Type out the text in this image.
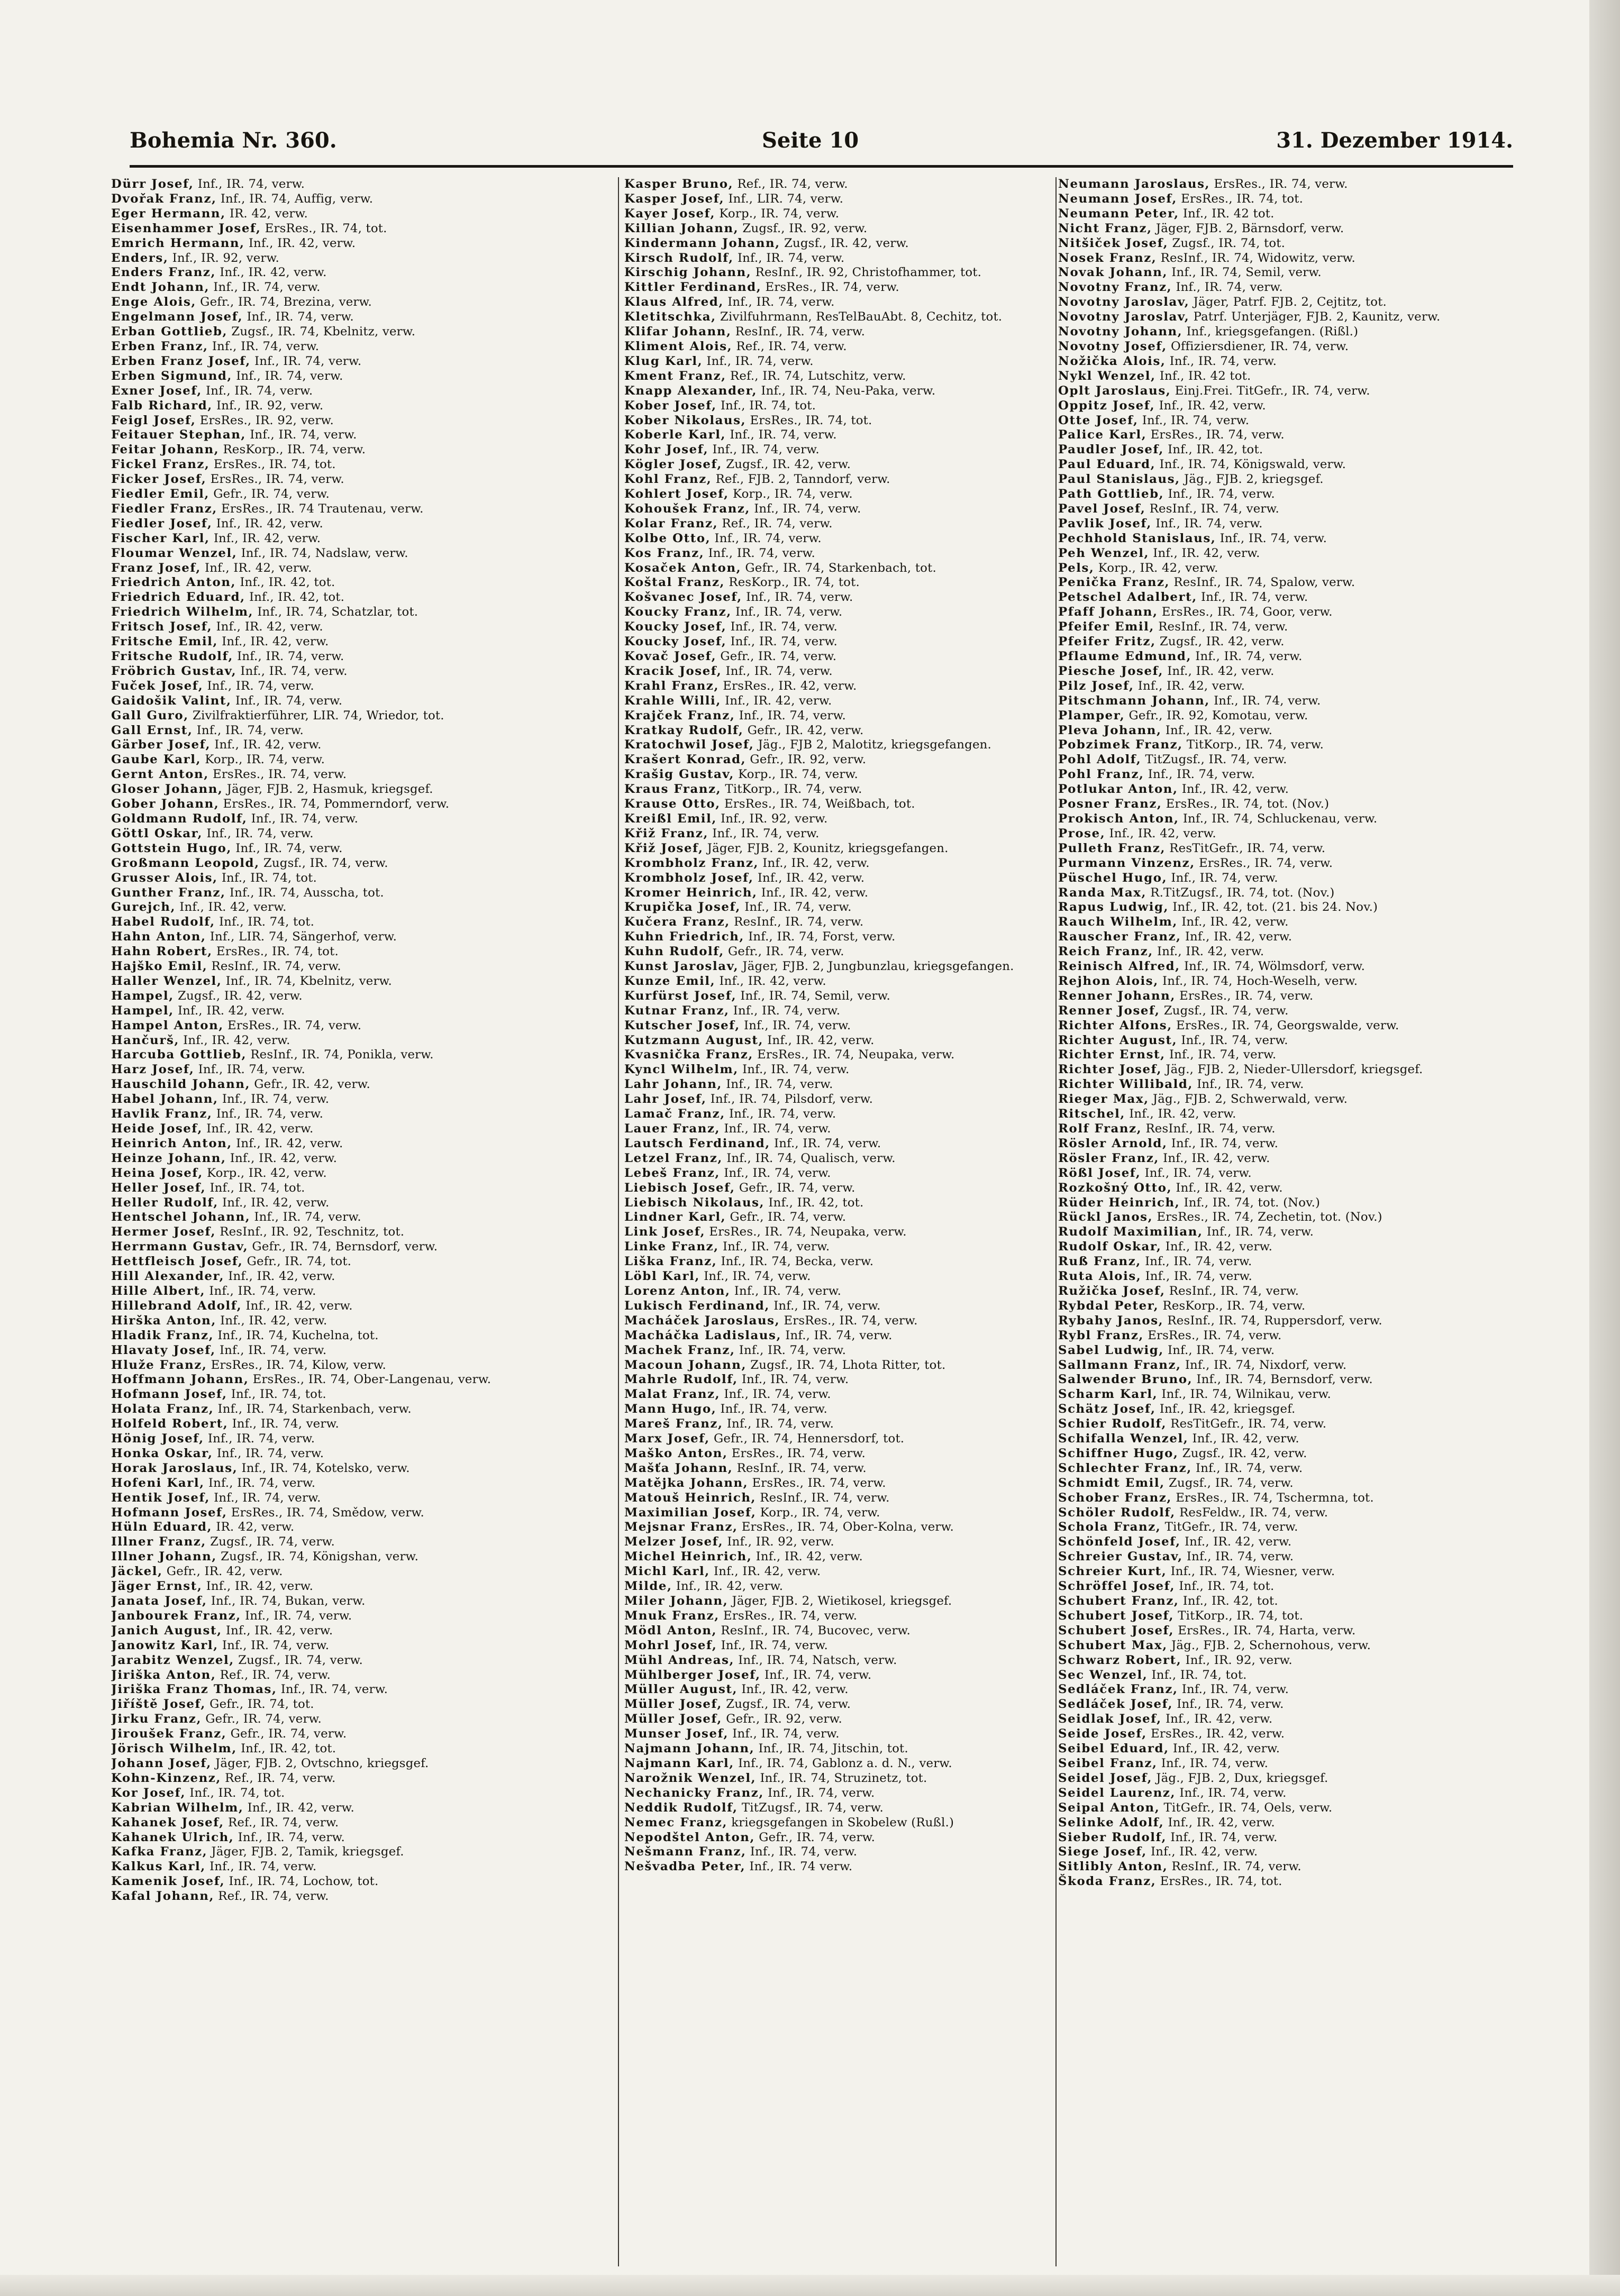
Bohemia Nr. 360.	Seite 10	31. Dezember 1914.

Dürr Josef, Inf., IR. 74, verw.

Dvořak Franz, Inf., IR. 74, Auffig, verw.

Eger Hermann, IR. 42, verw.

Eisenhammer Josef, ErsRes., IR. 74, tot.

Emrich Hermann, Inf., IR. 42, verw.

Enders, Inf., IR. 92, verw.

Enders Franz, Inf., IR. 42, verw.

Endt Johann, Inf., IR. 74, verw.

Enge Alois, Gefr., IR. 74, Brezina, verw.

Engelmann Josef, Inf., IR. 74, verw.

Erban Gottlieb, Zugsf., IR. 74, Kbelnitz, verw.

Erben Franz, Inf., IR. 74, verw.

Erben Franz Josef, Inf., IR. 74, verw.

Erben Sigmund, Inf., IR. 74, verw.

Exner Josef, Inf., IR. 74, verw.

Falb Richard, Inf., IR. 92, verw.

Feigl Josef, ErsRes., IR. 92, verw.

Feitauer Stephan, Inf., IR. 74, verw.

Feitar Johann, ResKorp., IR. 74, verw.

Fickel Franz, ErsRes., IR. 74, tot.

Ficker Josef, ErsRes., IR. 74, verw.

Fiedler Emil, Gefr., IR. 74, verw.

Fiedler Franz, ErsRes., IR. 74 Trautenau, verw.

Fiedler Josef, Inf., IR. 42, verw.

Fischer Karl, Inf., IR. 42, verw.

Floumar Wenzel, Inf., IR. 74, Nadslaw, verw.

Franz Josef, Inf., IR. 42, verw.

Friedrich Anton, Inf., IR. 42, tot.

Friedrich Eduard, Inf., IR. 42, tot.

Friedrich Wilhelm, Inf., IR. 74, Schatzlar, tot.

Fritsch Josef, Inf., IR. 42, verw.

Fritsche Emil, Inf., IR. 42, verw.

Fritsche Rudolf, Inf., IR. 74, verw.

Fröbrich Gustav, Inf., IR. 74, verw.

Fuček Josef, Inf., IR. 74, verw.

Gaidošik Valint, Inf., IR. 74, verw.

Gall Guro, Zivilfraktierführer, LIR. 74, Wriedor, tot.

Gall Ernst, Inf., IR. 74, verw.

Gärber Josef, Inf., IR. 42, verw.

Gaube Karl, Korp., IR. 74, verw.

Gernt Anton, ErsRes., IR. 74, verw.

Gloser Johann, Jäger, FJB. 2, Hasmuk, kriegsgef.

Gober Johann, ErsRes., IR. 74, Pommerndorf, verw.

Goldmann Rudolf, Inf., IR. 74, verw.

Göttl Oskar, Inf., IR. 74, verw.

Gottstein Hugo, Inf., IR. 74, verw.

Großmann Leopold, Zugsf., IR. 74, verw.

Grusser Alois, Inf., IR. 74, tot.

Gunther Franz, Inf., IR. 74, Ausscha, tot.

Gurejch, Inf., IR. 42, verw.

Habel Rudolf, Inf., IR. 74, tot.

Hahn Anton, Inf., LIR. 74, Sängerhof, verw.

Hahn Robert, ErsRes., IR. 74, tot.

Hajško Emil, ResInf., IR. 74, verw.

Haller Wenzel, Inf., IR. 74, Kbelnitz, verw.

Hampel, Zugsf., IR. 42, verw.

Hampel, Inf., IR. 42, verw.

Hampel Anton, ErsRes., IR. 74, verw.

Hančurš, Inf., IR. 42, verw.

Harcuba Gottlieb, ResInf., IR. 74, Ponikla, verw.

Harz Josef, Inf., IR. 74, verw.

Hauschild Johann, Gefr., IR. 42, verw.

Habel Johann, Inf., IR. 74, verw.

Havlik Franz, Inf., IR. 74, verw.

Heide Josef, Inf., IR. 42, verw.

Heinrich Anton, Inf., IR. 42, verw.

Heinze Johann, Inf., IR. 42, verw.

Heina Josef, Korp., IR. 42, verw.

Heller Josef, Inf., IR. 74, tot.

Heller Rudolf, Inf., IR. 42, verw.

Hentschel Johann, Inf., IR. 74, verw.

Hermer Josef, ResInf., IR. 92, Teschnitz, tot.

Herrmann Gustav, Gefr., IR. 74, Bernsdorf, verw.

Hettfleisch Josef, Gefr., IR. 74, tot.

Hill Alexander, Inf., IR. 42, verw.

Hille Albert, Inf., IR. 74, verw.

Hillebrand Adolf, Inf., IR. 42, verw.

Hirška Anton, Inf., IR. 42, verw.

Hladik Franz, Inf., IR. 74, Kuchelna, tot.

Hlavaty Josef, Inf., IR. 74, verw.

Hluže Franz, ErsRes., IR. 74, Kilow, verw.

Hoffmann Johann, ErsRes., IR. 74, Ober-Langenau, verw.

Hofmann Josef, Inf., IR. 74, tot.

Holata Franz, Inf., IR. 74, Starkenbach, verw.

Holfeld Robert, Inf., IR. 74, verw.

Hönig Josef, Inf., IR. 74, verw.

Honka Oskar, Inf., IR. 74, verw.

Horak Jaroslaus, Inf., IR. 74, Kotelsko, verw.

Hofeni Karl, Inf., IR. 74, verw.

Hentik Josef, Inf., IR. 74, verw.

Hofmann Josef, ErsRes., IR. 74, Smědow, verw.

Hüln Eduard, IR. 42, verw.

Illner Franz, Zugsf., IR. 74, verw.

Illner Johann, Zugsf., IR. 74, Königshan, verw.

Jäckel, Gefr., IR. 42, verw.

Jäger Ernst, Inf., IR. 42, verw.

Janata Josef, Inf., IR. 74, Bukan, verw.

Janbourek Franz, Inf., IR. 74, verw.

Janich August, Inf., IR. 42, verw.

Janowitz Karl, Inf., IR. 74, verw.

Jarabitz Wenzel, Zugsf., IR. 74, verw.

Jiriška Anton, Ref., IR. 74, verw.

Jiriška Franz Thomas, Inf., IR. 74, verw.

Jiříště Josef, Gefr., IR. 74, tot.

Jirku Franz, Gefr., IR. 74, verw.

Jiroušek Franz, Gefr., IR. 74, verw.

Jörisch Wilhelm, Inf., IR. 42, tot.

Johann Josef, Jäger, FJB. 2, Ovtschno, kriegsgef.

Kohn-Kinzenz, Ref., IR. 74, verw.

Kor Josef, Inf., IR. 74, tot.

Kabrian Wilhelm, Inf., IR. 42, verw.

Kahanek Josef, Ref., IR. 74, verw.

Kahanek Ulrich, Inf., IR. 74, verw.

Kafka Franz, Jäger, FJB. 2, Tamik, kriegsgef.

Kalkus Karl, Inf., IR. 74, verw.

Kamenik Josef, Inf., IR. 74, Lochow, tot.

Kafal Johann, Ref., IR. 74, verw.

Kasper Bruno, Ref., IR. 74, verw.

Kasper Josef, Inf., LIR. 74, verw.

Kayer Josef, Korp., IR. 74, verw.

Killian Johann, Zugsf., IR. 92, verw.

Kindermann Johann, Zugsf., IR. 42, verw.

Kirsch Rudolf, Inf., IR. 74, verw.

Kirschig Johann, ResInf., IR. 92, Christofhammer, tot.

Kittler Ferdinand, ErsRes., IR. 74, verw.

Klaus Alfred, Inf., IR. 74, verw.

Kletitschka, Zivilfuhrmann, ResTelBauAbt. 8, Cechitz, tot.

Klifar Johann, ResInf., IR. 74, verw.

Kliment Alois, Ref., IR. 74, verw.

Klug Karl, Inf., IR. 74, verw.

Kment Franz, Ref., IR. 74, Lutschitz, verw.

Knapp Alexander, Inf., IR. 74, Neu-Paka, verw.

Kober Josef, Inf., IR. 74, tot.

Kober Nikolaus, ErsRes., IR. 74, tot.

Koberle Karl, Inf., IR. 74, verw.

Kohr Josef, Inf., IR. 74, verw.

Kögler Josef, Zugsf., IR. 42, verw.

Kohl Franz, Ref., FJB. 2, Tanndorf, verw.

Kohlert Josef, Korp., IR. 74, verw.

Kohoušek Franz, Inf., IR. 74, verw.

Kolar Franz, Ref., IR. 74, verw.

Kolbe Otto, Inf., IR. 74, verw.

Kos Franz, Inf., IR. 74, verw.

Kosaček Anton, Gefr., IR. 74, Starkenbach, tot.

Koštal Franz, ResKorp., IR. 74, tot.

Košvanec Josef, Inf., IR. 74, verw.

Koucky Franz, Inf., IR. 74, verw.

Koucky Josef, Inf., IR. 74, verw.

Koucky Josef, Inf., IR. 74, verw.

Kovač Josef, Gefr., IR. 74, verw.

Kracik Josef, Inf., IR. 74, verw.

Krahl Franz, ErsRes., IR. 42, verw.

Krahle Willi, Inf., IR. 42, verw.

Krajček Franz, Inf., IR. 74, verw.

Kratkay Rudolf, Gefr., IR. 42, verw.

Kratochwil Josef, Jäg., FJB 2, Malotitz, kriegsgefangen.

Krašert Konrad, Gefr., IR. 92, verw.

Krašig Gustav, Korp., IR. 74, verw.

Kraus Franz, TitKorp., IR. 74, verw.

Krause Otto, ErsRes., IR. 74, Weißbach, tot.

Kreißl Emil, Inf., IR. 92, verw.

Křiž Franz, Inf., IR. 74, verw.

Křiž Josef, Jäger, FJB. 2, Kounitz, kriegsgefangen.

Krombholz Franz, Inf., IR. 42, verw.

Krombholz Josef, Inf., IR. 42, verw.

Kromer Heinrich, Inf., IR. 42, verw.

Krupička Josef, Inf., IR. 74, verw.

Kučera Franz, ResInf., IR. 74, verw.

Kuhn Friedrich, Inf., IR. 74, Forst, verw.

Kuhn Rudolf, Gefr., IR. 74, verw.

Kunst Jaroslav, Jäger, FJB. 2, Jungbunzlau, kriegsgefangen.

Kunze Emil, Inf., IR. 42, verw.

Kurfürst Josef, Inf., IR. 74, Semil, verw.

Kutnar Franz, Inf., IR. 74, verw.

Kutscher Josef, Inf., IR. 74, verw.

Kutzmann August, Inf., IR. 42, verw.

Kvasnička Franz, ErsRes., IR. 74, Neupaka, verw.

Kyncl Wilhelm, Inf., IR. 74, verw.

Lahr Johann, Inf., IR. 74, verw.

Lahr Josef, Inf., IR. 74, Pilsdorf, verw.

Lamač Franz, Inf., IR. 74, verw.

Lauer Franz, Inf., IR. 74, verw.

Lautsch Ferdinand, Inf., IR. 74, verw.

Letzel Franz, Inf., IR. 74, Qualisch, verw.

Lebeš Franz, Inf., IR. 74, verw.

Liebisch Josef, Gefr., IR. 74, verw.

Liebisch Nikolaus, Inf., IR. 42, tot.

Lindner Karl, Gefr., IR. 74, verw.

Link Josef, ErsRes., IR. 74, Neupaka, verw.

Linke Franz, Inf., IR. 74, verw.

Liška Franz, Inf., IR. 74, Becka, verw.

Löbl Karl, Inf., IR. 74, verw.

Lorenz Anton, Inf., IR. 74, verw.

Lukisch Ferdinand, Inf., IR. 74, verw.

Macháček Jaroslaus, ErsRes., IR. 74, verw.

Macháčka Ladislaus, Inf., IR. 74, verw.

Machek Franz, Inf., IR. 74, verw.

Macoun Johann, Zugsf., IR. 74, Lhota Ritter, tot.

Mahrle Rudolf, Inf., IR. 74, verw.

Malat Franz, Inf., IR. 74, verw.

Mann Hugo, Inf., IR. 74, verw.

Mareš Franz, Inf., IR. 74, verw.

Marx Josef, Gefr., IR. 74, Hennersdorf, tot.

Maško Anton, ErsRes., IR. 74, verw.

Mašťa Johann, ResInf., IR. 74, verw.

Matějka Johann, ErsRes., IR. 74, verw.

Matouš Heinrich, ResInf., IR. 74, verw.

Maximilian Josef, Korp., IR. 74, verw.

Mejsnar Franz, ErsRes., IR. 74, Ober-Kolna, verw.

Melzer Josef, Inf., IR. 92, verw.

Michel Heinrich, Inf., IR. 42, verw.

Michl Karl, Inf., IR. 42, verw.

Milde, Inf., IR. 42, verw.

Miler Johann, Jäger, FJB. 2, Wietikosel, kriegsgef.

Mnuk Franz, ErsRes., IR. 74, verw.

Mödl Anton, ResInf., IR. 74, Bucovec, verw.

Mohrl Josef, Inf., IR. 74, verw.

Mühl Andreas, Inf., IR. 74, Natsch, verw.

Mühlberger Josef, Inf., IR. 74, verw.

Müller August, Inf., IR. 42, verw.

Müller Josef, Zugsf., IR. 74, verw.

Müller Josef, Gefr., IR. 92, verw.

Munser Josef, Inf., IR. 74, verw.

Najmann Johann, Inf., IR. 74, Jitschin, tot.

Najmann Karl, Inf., IR. 74, Gablonz a. d. N., verw.

Narožnik Wenzel, Inf., IR. 74, Struzinetz, tot.

Nechanicky Franz, Inf., IR. 74, verw.

Neddik Rudolf, TitZugsf., IR. 74, verw.

Nemec Franz, kriegsgefangen in Skobelew (Rußl.)

Nepodštel Anton, Gefr., IR. 74, verw.

Nešmann Franz, Inf., IR. 74, verw.

Nešvadba Peter, Inf., IR. 74 verw.

Neumann Jaroslaus, ErsRes., IR. 74, verw.

Neumann Josef, ErsRes., IR. 74, tot.

Neumann Peter, Inf., IR. 42 tot.

Nicht Franz, Jäger, FJB. 2, Bärnsdorf, verw.

Nitšiček Josef, Zugsf., IR. 74, tot.

Nosek Franz, ResInf., IR. 74, Widowitz, verw.

Novak Johann, Inf., IR. 74, Semil, verw.

Novotny Franz, Inf., IR. 74, verw.

Novotny Jaroslav, Jäger, Patrf. FJB. 2, Cejtitz, tot.

Novotny Jaroslav, Patrf. Unterjäger, FJB. 2, Kaunitz, verw.

Novotny Johann, Inf., kriegsgefangen. (Rißl.)

Novotny Josef, Offiziersdiener, IR. 74, verw.

Nožička Alois, Inf., IR. 74, verw.

Nykl Wenzel, Inf., IR. 42 tot.

Oplt Jaroslaus, Einj.Frei. TitGefr., IR. 74, verw.

Oppitz Josef, Inf., IR. 42, verw.

Otte Josef, Inf., IR. 74, verw.

Palice Karl, ErsRes., IR. 74, verw.

Paudler Josef, Inf., IR. 42, tot.

Paul Eduard, Inf., IR. 74, Königswald, verw.

Paul Stanislaus, Jäg., FJB. 2, kriegsgef.

Path Gottlieb, Inf., IR. 74, verw.

Pavel Josef, ResInf., IR. 74, verw.

Pavlik Josef, Inf., IR. 74, verw.

Pechhold Stanislaus, Inf., IR. 74, verw.

Peh Wenzel, Inf., IR. 42, verw.

Pels, Korp., IR. 42, verw.

Penička Franz, ResInf., IR. 74, Spalow, verw.

Petschel Adalbert, Inf., IR. 74, verw.

Pfaff Johann, ErsRes., IR. 74, Goor, verw.

Pfeifer Emil, ResInf., IR. 74, verw.

Pfeifer Fritz, Zugsf., IR. 42, verw.

Pflaume Edmund, Inf., IR. 74, verw.

Piesche Josef, Inf., IR. 42, verw.

Pilz Josef, Inf., IR. 42, verw.

Pitschmann Johann, Inf., IR. 74, verw.

Plamper, Gefr., IR. 92, Komotau, verw.

Pleva Johann, Inf., IR. 42, verw.

Pobzimek Franz, TitKorp., IR. 74, verw.

Pohl Adolf, TitZugsf., IR. 74, verw.

Pohl Franz, Inf., IR. 74, verw.

Potlukar Anton, Inf., IR. 42, verw.

Posner Franz, ErsRes., IR. 74, tot. (Nov.)

Prokisch Anton, Inf., IR. 74, Schluckenau, verw.

Prose, Inf., IR. 42, verw.

Pulleth Franz, ResTitGefr., IR. 74, verw.

Purmann Vinzenz, ErsRes., IR. 74, verw.

Püschel Hugo, Inf., IR. 74, verw.

Randa Max, R.TitZugsf., IR. 74, tot. (Nov.)

Rapus Ludwig, Inf., IR. 42, tot. (21. bis 24. Nov.)

Rauch Wilhelm, Inf., IR. 42, verw.

Rauscher Franz, Inf., IR. 42, verw.

Reich Franz, Inf., IR. 42, verw.

Reinisch Alfred, Inf., IR. 74, Wölmsdorf, verw.

Rejhon Alois, Inf., IR. 74, Hoch-Weselh, verw.

Renner Johann, ErsRes., IR. 74, verw.

Renner Josef, Zugsf., IR. 74, verw.

Richter Alfons, ErsRes., IR. 74, Georgswalde, verw.

Richter August, Inf., IR. 74, verw.

Richter Ernst, Inf., IR. 74, verw.

Richter Josef, Jäg., FJB. 2, Nieder-Ullersdorf, kriegsgef.

Richter Willibald, Inf., IR. 74, verw.

Rieger Max, Jäg., FJB. 2, Schwerwald, verw.

Ritschel, Inf., IR. 42, verw.

Rolf Franz, ResInf., IR. 74, verw.

Rösler Arnold, Inf., IR. 74, verw.

Rösler Franz, Inf., IR. 42, verw.

Rößl Josef, Inf., IR. 74, verw.

Rozkošný Otto, Inf., IR. 42, verw.

Rüder Heinrich, Inf., IR. 74, tot. (Nov.)

Rückl Janos, ErsRes., IR. 74, Zechetin, tot. (Nov.)

Rudolf Maximilian, Inf., IR. 74, verw.

Rudolf Oskar, Inf., IR. 42, verw.

Ruß Franz, Inf., IR. 74, verw.

Ruta Alois, Inf., IR. 74, verw.

Ružička Josef, ResInf., IR. 74, verw.

Rybdal Peter, ResKorp., IR. 74, verw.

Rybahy Janos, ResInf., IR. 74, Ruppersdorf, verw.

Rybl Franz, ErsRes., IR. 74, verw.

Sabel Ludwig, Inf., IR. 74, verw.

Sallmann Franz, Inf., IR. 74, Nixdorf, verw.

Salwender Bruno, Inf., IR. 74, Bernsdorf, verw.

Scharm Karl, Inf., IR. 74, Wilnikau, verw.

Schätz Josef, Inf., IR. 42, kriegsgef.

Schier Rudolf, ResTitGefr., IR. 74, verw.

Schifalla Wenzel, Inf., IR. 42, verw.

Schiffner Hugo, Zugsf., IR. 42, verw.

Schlechter Franz, Inf., IR. 74, verw.

Schmidt Emil, Zugsf., IR. 74, verw.

Schober Franz, ErsRes., IR. 74, Tschermna, tot.

Schöler Rudolf, ResFeldw., IR. 74, verw.

Schola Franz, TitGefr., IR. 74, verw.

Schönfeld Josef, Inf., IR. 42, verw.

Schreier Gustav, Inf., IR. 74, verw.

Schreier Kurt, Inf., IR. 74, Wiesner, verw.

Schröffel Josef, Inf., IR. 74, tot.

Schubert Franz, Inf., IR. 42, tot.

Schubert Josef, TitKorp., IR. 74, tot.

Schubert Josef, ErsRes., IR. 74, Harta, verw.

Schubert Max, Jäg., FJB. 2, Schernohous, verw.

Schwarz Robert, Inf., IR. 92, verw.

Sec Wenzel, Inf., IR. 74, tot.

Sedláček Franz, Inf., IR. 74, verw.

Sedláček Josef, Inf., IR. 74, verw.

Seidlak Josef, Inf., IR. 42, verw.

Seide Josef, ErsRes., IR. 42, verw.

Seibel Eduard, Inf., IR. 42, verw.

Seibel Franz, Inf., IR. 74, verw.

Seidel Josef, Jäg., FJB. 2, Dux, kriegsgef.

Seidel Laurenz, Inf., IR. 74, verw.

Seipal Anton, TitGefr., IR. 74, Oels, verw.

Selinke Adolf, Inf., IR. 42, verw.

Sieber Rudolf, Inf., IR. 74, verw.

Siege Josef, Inf., IR. 42, verw.

Sitlibly Anton, ResInf., IR. 74, verw.

Škoda Franz, ErsRes., IR. 74, tot.
